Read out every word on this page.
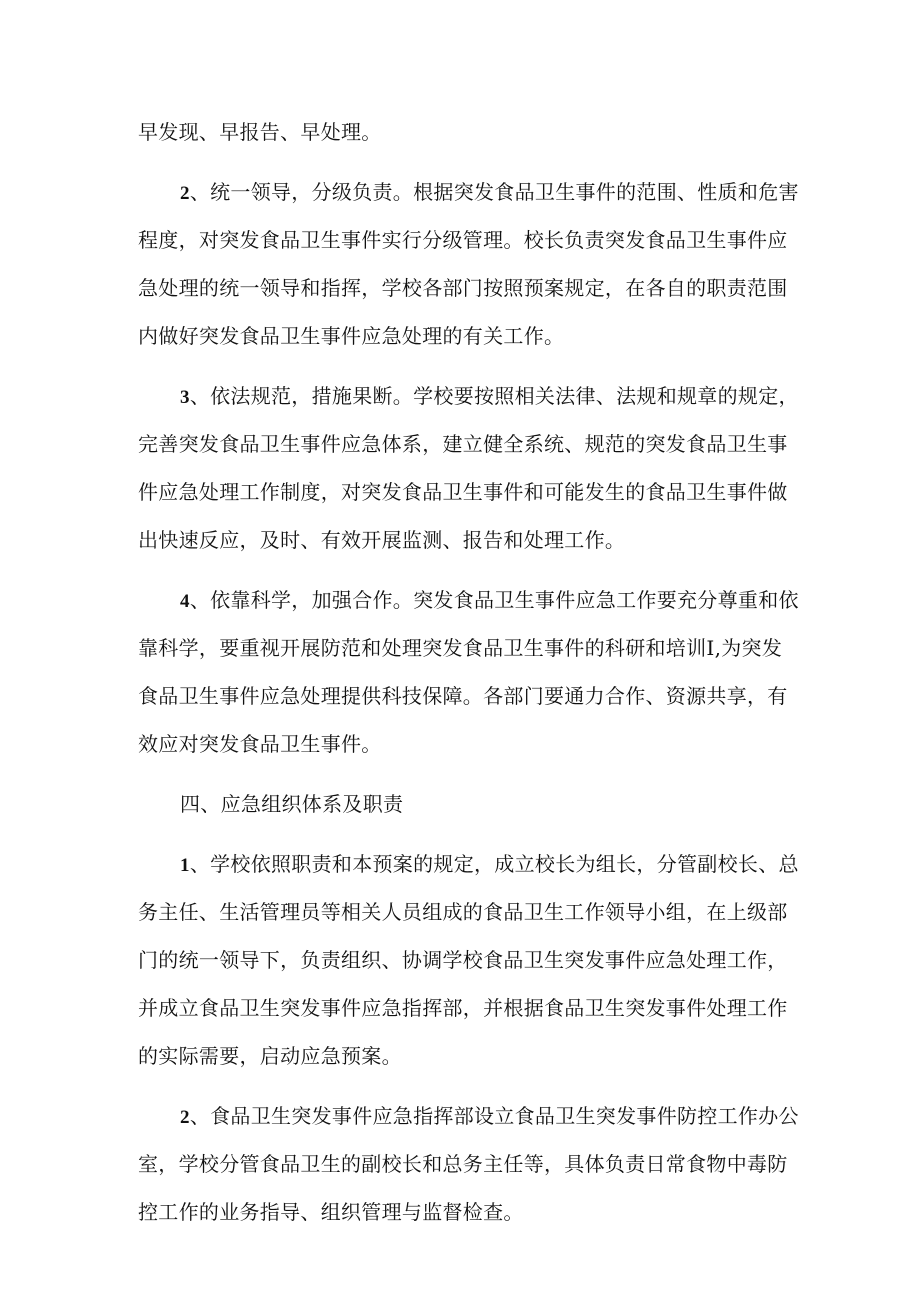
早发现、早报告、早处理。

2、统一领导，分级负责。根据突发食品卫生事件的范围、性质和危害
程度，对突发食品卫生事件实行分级管理。校长负责突发食品卫生事件应
急处理的统一领导和指挥，学校各部门按照预案规定，在各自的职责范围
内做好突发食品卫生事件应急处理的有关工作。

3、依法规范，措施果断。学校要按照相关法律、法规和规章的规定，
完善突发食品卫生事件应急体系，建立健全系统、规范的突发食品卫生事
件应急处理工作制度，对突发食品卫生事件和可能发生的食品卫生事件做
出快速反应，及时、有效开展监测、报告和处理工作。

4、依靠科学，加强合作。突发食品卫生事件应急工作要充分尊重和依
靠科学，要重视开展防范和处理突发食品卫生事件的科研和培训I,为突发
食品卫生事件应急处理提供科技保障。各部门要通力合作、资源共享，有
效应对突发食品卫生事件。

四、应急组织体系及职责

1、学校依照职责和本预案的规定，成立校长为组长，分管副校长、总
务主任、生活管理员等相关人员组成的食品卫生工作领导小组，在上级部
门的统一领导下，负责组织、协调学校食品卫生突发事件应急处理工作，
并成立食品卫生突发事件应急指挥部，并根据食品卫生突发事件处理工作
的实际需要，启动应急预案。

2、食品卫生突发事件应急指挥部设立食品卫生突发事件防控工作办公
室，学校分管食品卫生的副校长和总务主任等，具体负责日常食物中毒防
控工作的业务指导、组织管理与监督检查。
